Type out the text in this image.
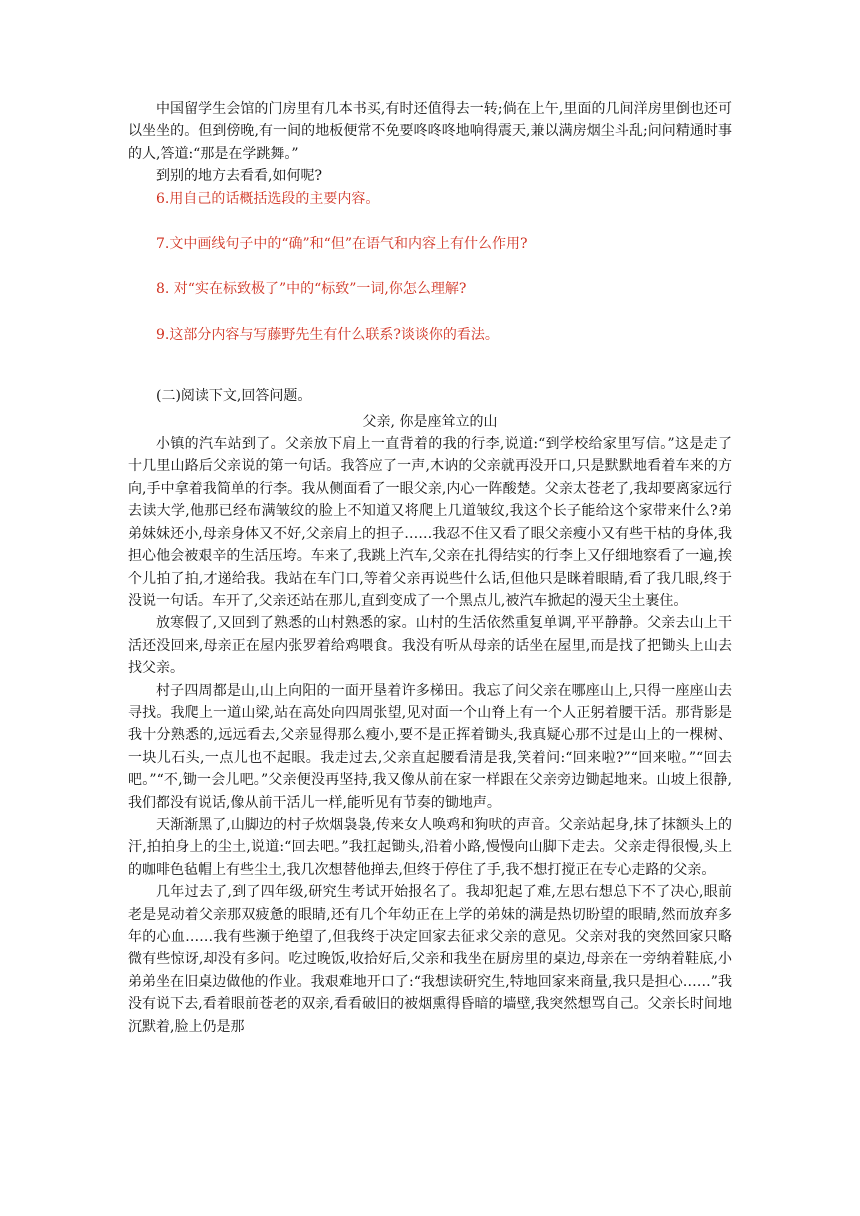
中国留学生会馆的门房里有几本书买,有时还值得去一转;倘在上午,里面的几间洋房里倒也还可以坐坐的。但到傍晚,有一间的地板便常不免要咚咚咚地响得震天,兼以满房烟尘斗乱;问问精通时事的人,答道:“那是在学跳舞。”

到别的地方去看看,如何呢?

6.用自己的话概括选段的主要内容。

7.文中画线句子中的“确”和“但”在语气和内容上有什么作用?

8. 对“实在标致极了”中的“标致”一词,你怎么理解?

9.这部分内容与写藤野先生有什么联系?谈谈你的看法。

(二)阅读下文,回答问题。

父亲, 你是座耸立的山

小镇的汽车站到了。父亲放下肩上一直背着的我的行李,说道:“到学校给家里写信。”这是走了十几里山路后父亲说的第一句话。我答应了一声,木讷的父亲就再没开口,只是默默地看着车来的方向,手中拿着我简单的行李。我从侧面看了一眼父亲,内心一阵酸楚。父亲太苍老了,我却要离家远行去读大学,他那已经布满皱纹的脸上不知道又将爬上几道皱纹,我这个长子能给这个家带来什么?弟弟妹妹还小,母亲身体又不好,父亲肩上的担子……我忍不住又看了眼父亲瘦小又有些干枯的身体,我担心他会被艰辛的生活压垮。车来了,我跳上汽车,父亲在扎得结实的行李上又仔细地察看了一遍,挨个儿拍了拍,才递给我。我站在车门口,等着父亲再说些什么话,但他只是眯着眼睛,看了我几眼,终于没说一句话。车开了,父亲还站在那儿,直到变成了一个黑点儿,被汽车掀起的漫天尘土裹住。

放寒假了,又回到了熟悉的山村熟悉的家。山村的生活依然重复单调,平平静静。父亲去山上干活还没回来,母亲正在屋内张罗着给鸡喂食。我没有听从母亲的话坐在屋里,而是找了把锄头上山去找父亲。

村子四周都是山,山上向阳的一面开垦着许多梯田。我忘了问父亲在哪座山上,只得一座座山去寻找。我爬上一道山梁,站在高处向四周张望,见对面一个山脊上有一个人正躬着腰干活。那背影是我十分熟悉的,远远看去,父亲显得那么瘦小,要不是正挥着锄头,我真疑心那不过是山上的一棵树、一块儿石头,一点儿也不起眼。我走过去,父亲直起腰看清是我,笑着问:“回来啦?”“回来啦。”“回去吧。”“不,锄一会儿吧。”父亲便没再坚持,我又像从前在家一样跟在父亲旁边锄起地来。山坡上很静,我们都没有说话,像从前干活儿一样,能听见有节奏的锄地声。

天渐渐黑了,山脚边的村子炊烟袅袅,传来女人唤鸡和狗吠的声音。父亲站起身,抹了抹额头上的汗,拍拍身上的尘土,说道:“回去吧。”我扛起锄头,沿着小路,慢慢向山脚下走去。父亲走得很慢,头上的咖啡色毡帽上有些尘土,我几次想替他掸去,但终于停住了手,我不想打搅正在专心走路的父亲。

几年过去了,到了四年级,研究生考试开始报名了。我却犯起了难,左思右想总下不了决心,眼前老是晃动着父亲那双疲惫的眼睛,还有几个年幼正在上学的弟妹的满是热切盼望的眼睛,然而放弃多年的心血……我有些濒于绝望了,但我终于决定回家去征求父亲的意见。父亲对我的突然回家只略微有些惊讶,却没有多问。吃过晚饭,收拾好后,父亲和我坐在厨房里的桌边,母亲在一旁纳着鞋底,小弟弟坐在旧桌边做他的作业。我艰难地开口了:“我想读研究生,特地回家来商量,我只是担心……”我没有说下去,看着眼前苍老的双亲,看看破旧的被烟熏得昏暗的墙壁,我突然想骂自己。父亲长时间地沉默着,脸上仍是那
